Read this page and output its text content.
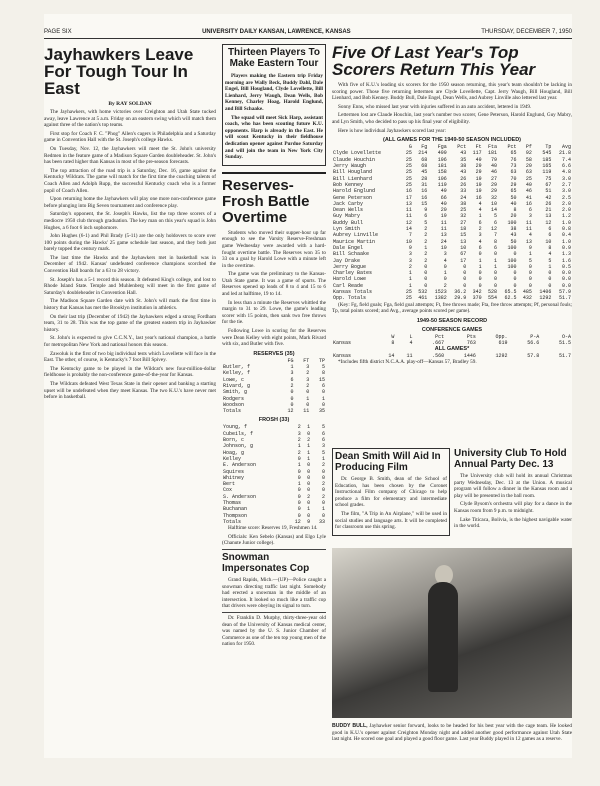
PAGE SIX	UNIVERSITY DAILY KANSAN, LAWRENCE, KANSAS	THURSDAY, DECEMBER 7, 1950
Jayhawkers Leave For Tough Tour In East
By RAY SOLDAN

The Jayhawkers, with home victories over Creighton and Utah State tucked away, leave Lawrence at 5 a.m. Friday on an eastern swing which will match them against three of the nation's top teams.

First stop for Coach F. C. "Phog" Allen's cagers is Philadelphia and a Saturday game in Convention Hall with the St. Joseph's college Hawks.

On Tuesday, Nov. 12, the Jayhawkers will meet the St. John's university Redmen in the feature game of a Madison Square Garden doubleheader. St. John's has been rated higher than Kansas in most of the pre-season forecasts.

The top attraction of the road trip is a Saturday, Dec. 16, game against the Kentucky Wildcats. The game will match for the first time the coaching talents of Coach Allen and Adolph Rupp, the successful Kentucky coach who is a former pupil of Coach Allen.

Upon returning home the Jayhawkers will play one more non-conference game before plunging into Big Seven tournament and conference play.

Saturday's opponent, the St. Joseph's Hawks, list the top three scorers of a mediocre 1950 club through graduation. The key man on this year's squad is John Hughes, a 6 foot 6 inch sophomore.

John Hughes (6-1) and Phil Brady (5-11) are the only holdovers to score over 100 points during the Hawks' 25 game schedule last season, and they both just barely topped the century mark.

The last time the Hawks and the Jayhawkers met in basketball was in December of 1942. Kansas' undefeated conference champions scorched the Convention Hall boards for a 63 to 28 victory.

St. Joseph's has a 5-1 record this season. It defeated King's college, and lost to Rhode Island State. Temple and Muhlenberg will meet in the first game of Saturday's doubleheader in Convention Hall.

The Madison Square Garden date with St. John's will mark the first time in history that Kansas has met the Brooklyn institution in athletics.

On their last trip (December of 1942) the Jayhawkers edged a strong Fordham team, 31 to 28. This was the top game of the greatest eastern trip in Jayhawker history.

St. John's is expected to give C.C.N.Y., last year's national champion, a battle for metropolitan New York and national honors this season.

Zawoluk is the first of two big individual tests which Lovellette will face in the East. The other, of course, is Kentucky's 7 foot Bill Spivey.

The Kentucky game to be played in the Wildcat's new four-million-dollar fieldhouse is probably the non-conference game-of-the-year for Kansas.

The Wildcats defeated West Texas State in their opener and banking a starting upset will be undefeated when they meet Kansas. The two K.U.'s have never met before in basketball.

Thirteen Players To Make Eastern Tour

Players making the Eastern trip Friday morning are Wally Beck, Buddy Dahl, Dale Engel, Bill Hougland, Clyde Lovellette, Bill Lienhard, Jerry Waugh, Dean Wells, Bob Kenney, Charley Hoag, Harold Englund, and Bill Schaake.

The squad will meet Sick Harp, assistant coach, who has been scouting future K.U. opponents. Harp is already in the East. He will scout Kentucky in their fieldhouse dedication opener against Purdue Saturday and will join the team in New York City Sunday.

Reserves-Frosh Battle Overtime

Students who moved their supper-hour up far enough to see the Varsity Reserve-Freshman game Wednesday were awarded with a hard-fought overtime battle. The Reserves won 35 to 33 on a goal by Harold Lowe with a minute left in the overtime.

The game was the preliminary to the Kansas-Utah State game. It was a game of spurts. The Reserves opened up leads of 8 to 4 and 15 to 6 and led at halftime, 19 to 14.

In less than a minute the Reserves whittled the margin to 31 to 29. Lowe, the game's leading scorer with 15 points, then sank two free throws for the tie.

Following Lowe in scoring for the Reserves were Dean Kelley with eight points, Mark Rivard with six, and Butler with five.

RESERVES (35)
	FG	FT	TP
Butler, f	1	3	5
Kelley, f	3	2	8
Lowe, c	6	3	15
Rivard, g	2	2	6
Smith, g	0	0	0
Rodgers	0	1	1
Woodson	0	0	0
Totals	12	11	35
FROSH (33)
Young, f	2	1	5
Cubeils, f	3	0	6
Born, c	2	2	6
Johnson, g	1	1	3
Hoag, g	2	1	5
Kelley	0	1	1
E. Anderson	1	0	2
Squires	0	0	0
Whitney	0	0	0
Bert	1	0	2
Cox	0	0	0
S. Anderson	0	2	2
Thomas	0	0	0
Buchanan	0	1	1
Thompson	0	0	0
Totals	12	9	33

Halftime score: Reserves 19, Freshmen 14.

Officials: Ken Sebelo (Kansas) and Elgo Lyle (Chanute Junior college).

Snowman Impersonates Cop

Grand Rapids, Mich.—(UP)—Police caught a snowman directing traffic last night. Somebody had erected a snowman in the middle of an intersection. It looked so much like a traffic cop that drivers were obeying its signal to turn.

Dr. Franklin D. Murphy, thirty-three-year old dean of the University of Kansas medical center, was named by the U. S. Junior Chamber of Commerce as one of the ten top young men of the nation for 1950.

Five Of Last Year's Top Scorers Return This Year

With five of K.U.'s leading six scorers for the 1950 season returning, this year's team shouldn't be lacking in scoring power. Those five returning lettermen are Clyde Lovellette, Capt. Jerry Waugh, Bill Hougland, Bill Lienhard, and Bob Kenney. Buddy Bull, Dale Engel, Dean Wells, and Aubrey Linville also lettered last year.

Sonny Enns, who missed last year with injuries suffered in an auto accident, lettered in 1949.

Lettermen lost are Claude Houchin, last year's number two scorer, Gene Peterson, Harold Englund, Guy Mabry, and Lyn Smith, who decided to pass up his final year of eligibility.

Here is how individual Jayhawkers scored last year:

(ALL GAMES FOR THE 1949-50 SEASON INCLUDED)
	G	Fg	Fga	Pct	Ft	Fta	Pct	Pf	Tp	Avg
Clyde Lovellette	25	214	499	43	117	181	65	92	545	21.8
Claude Houchin	25	68	196	35	49	79	76	58	185	7.4
Jerry Waugh	25	68	181	38	29	40	73	20	165	6.6
Bill Hougland	25	45	158	43	29	46	63	63	119	4.8
Bill Lienhard	25	28	106	26	19	27	70	25	75	3.0
Bob Kenney	25	31	119	26	19	29	29	40	67	2.7
Harold Englund	16	16	49	33	19	29	65	46	51	3.0
Gene Peterson	17	16	66	24	16	32	50	41	42	2.5
Jack Carby	13	15	40	38	4	10	40	16	26	2.0
Dean Wells	11	9	20	25	4	14	8	6	21	2.0
Guy Mabry	11	6	19	32	1	5	20	3	13	1.2
Buddy Bull	12	5	11	27	6	6	100	11	12	1.0
Lyn Smith	14	2	11	18	2	12	38	11	6	0.8
Aubrey Linville	7	2	13	15	3	7	43	4	6	0.4
Maurice Martin	10	2	24	13	4	8	50	13	10	1.0
Dale Engel	9	1	10	10	6	6	100	9	8	0.9
Bill Schaake	3	2	3	67	0	0	0	1	4	1.3
Jay Drake	3	2	4	17	1	1	100	5	5	1.6
Jerry Bogue	2	0	0	0	1	1	100	0	1	0.5
Charley Bates	1	0	1	0	0	0	0	0	0	0.0
Harold Lowe	1	0	0	0	0	0	0	0	0	0.0
Carl Reade	1	0	2	0	0	0	0	0	0	0.0
Kansas Totals	25	532	1523	36.2	342	528	65.5	485	1406	57.9
Opp. Totals	25	461	1382	29.9	370	554	62.5	432	1292	51.7

(Key: Fg, field goals; Fga, field goal attempts; Ft, free throws made; Fta, free throw attempts; Pf, personal fouls; Tp, total points scored; and Avg., average points scored per game).

1949-50 SEASON RECORD
CONFERENCE GAMES
	W	L	Pct	Pts	Opp.	P-A	O-A
Kansas	8	4	.667	763	619	56.6	51.5
ALL GAMES*							
Kansas	14	11	.560	1446	1292	57.8	51.7

*Includes fifth district N.C.A.A. play-off—Kansas 57, Bradley 59.

Dean Smith Will Aid In Producing Film

Dr. George B. Smith, dean of the School of Education, has been chosen by the Coronet Instructional Film company of Chicago to help produce a film for elementary and intermediate school grades.

The film, "A Trip in An Airplane," will be used in social studies and language arts. It will be completed for classroom use this spring.

University Club To Hold Annual Party Dec. 13

The University club will hold its annual Christmas party Wednesday, Dec. 13 at the Union. A musical program will follow a dinner in the Kansas room and a play will be presented in the ball room.

Clyde Bysom's orchestra will play for a dance in the Kansas room from 9 p.m. to midnight.

Lake Titicaca, Bolivia, is the highest navigable water in the world.

BUDDY BULL, Jayhawker senior forward, looks to be headed for his best year with the cage team. He looked good in K.U.'s opener against Creighton Monday night and added another good performance against Utah State last night. He scored one goal and played a good floor game. Last year Buddy played in 12 games as a reserve.
